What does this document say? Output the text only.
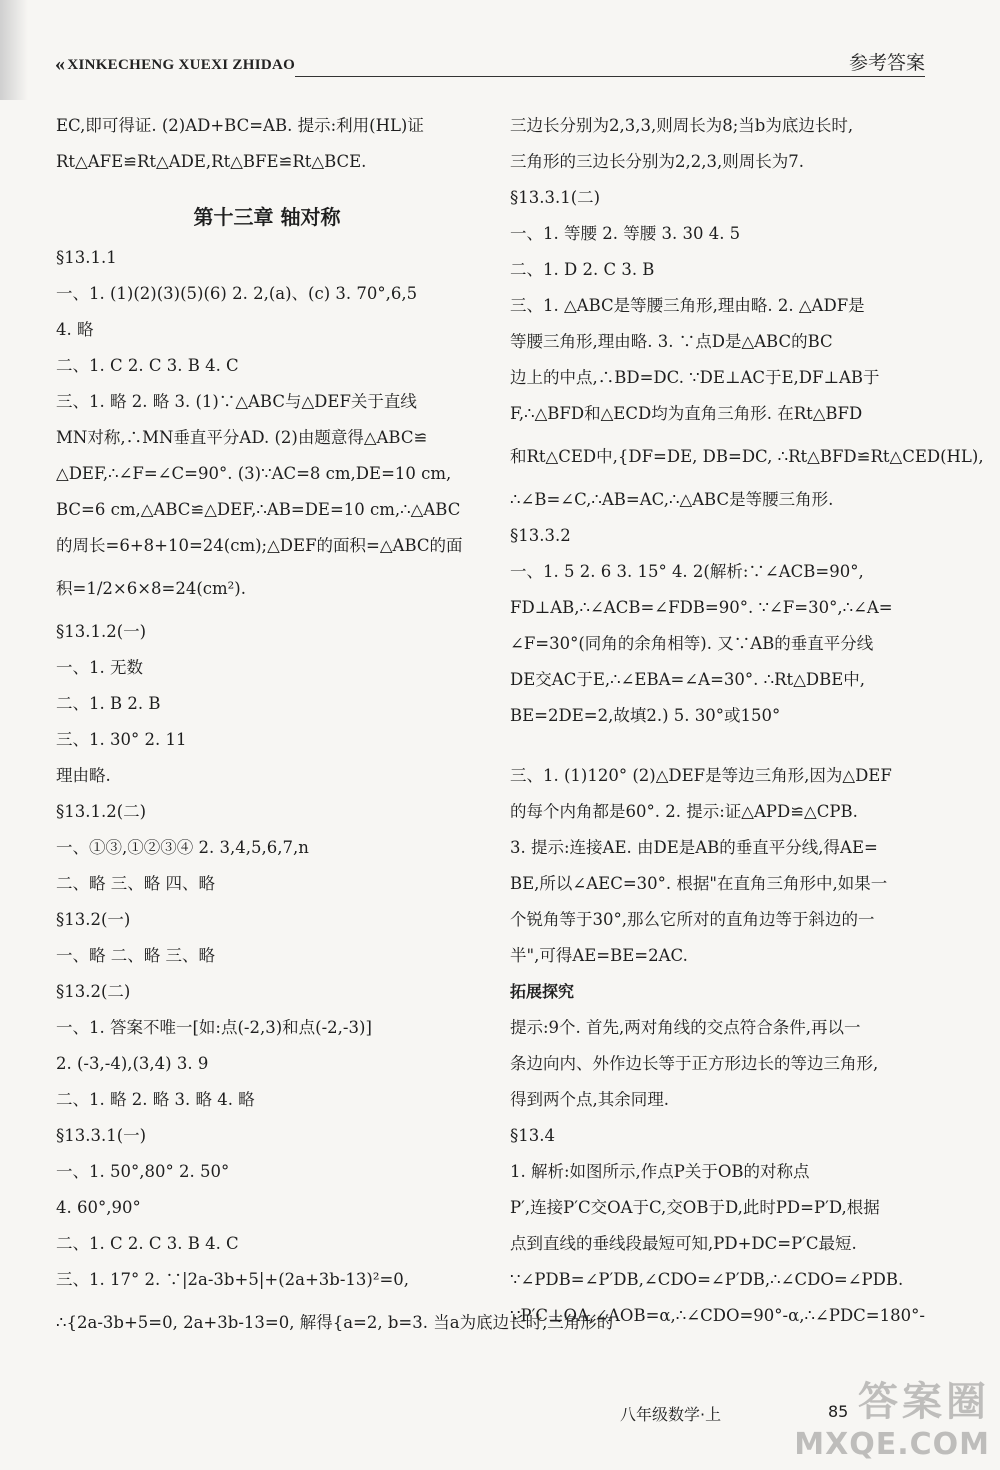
« XINKECHENG XUEXI ZHIDAO	参考答案
EC,即可得证. (2)AD+BC=AB. 提示:利用(HL)证
Rt△AFE≌Rt△ADE,Rt△BFE≌Rt△BCE.
第十三章 轴对称
§13.1.1
一、1. (1)(2)(3)(5)(6) 2. 2,(a)、(c) 3. 70°,6,5
4. 略
二、1. C 2. C 3. B 4. C
三、1. 略 2. 略 3. (1)∵△ABC与△DEF关于直线
MN对称,∴MN垂直平分AD. (2)由题意得△ABC≌
△DEF,∴∠F=∠C=90°. (3)∵AC=8 cm,DE=10 cm,
BC=6 cm,△ABC≌△DEF,∴AB=DE=10 cm,∴△ABC
的周长=6+8+10=24(cm);△DEF的面积=△ABC的面
积=1/2×6×8=24(cm²).
§13.1.2(一)
一、1. 无数
二、1. B 2. B
三、1. 30° 2. 11
理由略.
§13.1.2(二)
一、①③,①②③④ 2. 3,4,5,6,7,n
二、略 三、略 四、略
§13.2(一)
一、略 二、略 三、略
§13.2(二)
一、1. 答案不唯一[如:点(-2,3)和点(-2,-3)]
2. (-3,-4),(3,4) 3. 9
二、1. 略 2. 略 3. 略 4. 略
§13.3.1(一)
一、1. 50°,80° 2. 50°
4. 60°,90°
二、1. C 2. C 3. B 4. C
三、1. 17° 2. ∵|2a-3b+5|+(2a+3b-13)²=0,
∴{2a-3b+5=0, 2a+3b-13=0, 解得{a=2, b=3. 当a为底边长时,三角形的
三边长分别为2,3,3,则周长为8;当b为底边长时,
三角形的三边长分别为2,2,3,则周长为7.
§13.3.1(二)
一、1. 等腰 2. 等腰 3. 30 4. 5
二、1. D 2. C 3. B
三、1. △ABC是等腰三角形,理由略. 2. △ADF是
等腰三角形,理由略. 3. ∵点D是△ABC的BC
边上的中点,∴BD=DC. ∵DE⊥AC于E,DF⊥AB于
F,∴△BFD和△ECD均为直角三角形. 在Rt△BFD
和Rt△CED中,{DF=DE, DB=DC, ∴Rt△BFD≌Rt△CED(HL),
∴∠B=∠C,∴AB=AC,∴△ABC是等腰三角形.
§13.3.2
一、1. 5 2. 6 3. 15° 4. 2(解析:∵∠ACB=90°,
FD⊥AB,∴∠ACB=∠FDB=90°. ∵∠F=30°,∴∠A=
∠F=30°(同角的余角相等). 又∵AB的垂直平分线
DE交AC于E,∴∠EBA=∠A=30°. ∴Rt△DBE中,
BE=2DE=2,故填2.) 5. 30°或150°
三、1. (1)120° (2)△DEF是等边三角形,因为△DEF
的每个内角都是60°. 2. 提示:证△APD≌△CPB.
3. 提示:连接AE. 由DE是AB的垂直平分线,得AE=
BE,所以∠AEC=30°. 根据"在直角三角形中,如果一
个锐角等于30°,那么它所对的直角边等于斜边的一
半",可得AE=BE=2AC.
拓展探究
提示:9个. 首先,两对角线的交点符合条件,再以一
条边向内、外作边长等于正方形边长的等边三角形,
得到两个点,其余同理.
§13.4
1. 解析:如图所示,作点P关于OB的对称点
P′,连接P′C交OA于C,交OB于D,此时PD=P′D,根据
点到直线的垂线段最短可知,PD+DC=P′C最短.
∵∠PDB=∠P′DB,∠CDO=∠P′DB,∴∠CDO=∠PDB.
∵P′C⊥OA,∠AOB=α,∴∠CDO=90°-α,∴∠PDC=180°-
八年级数学·上	85 答案圈
MXQE.COM
